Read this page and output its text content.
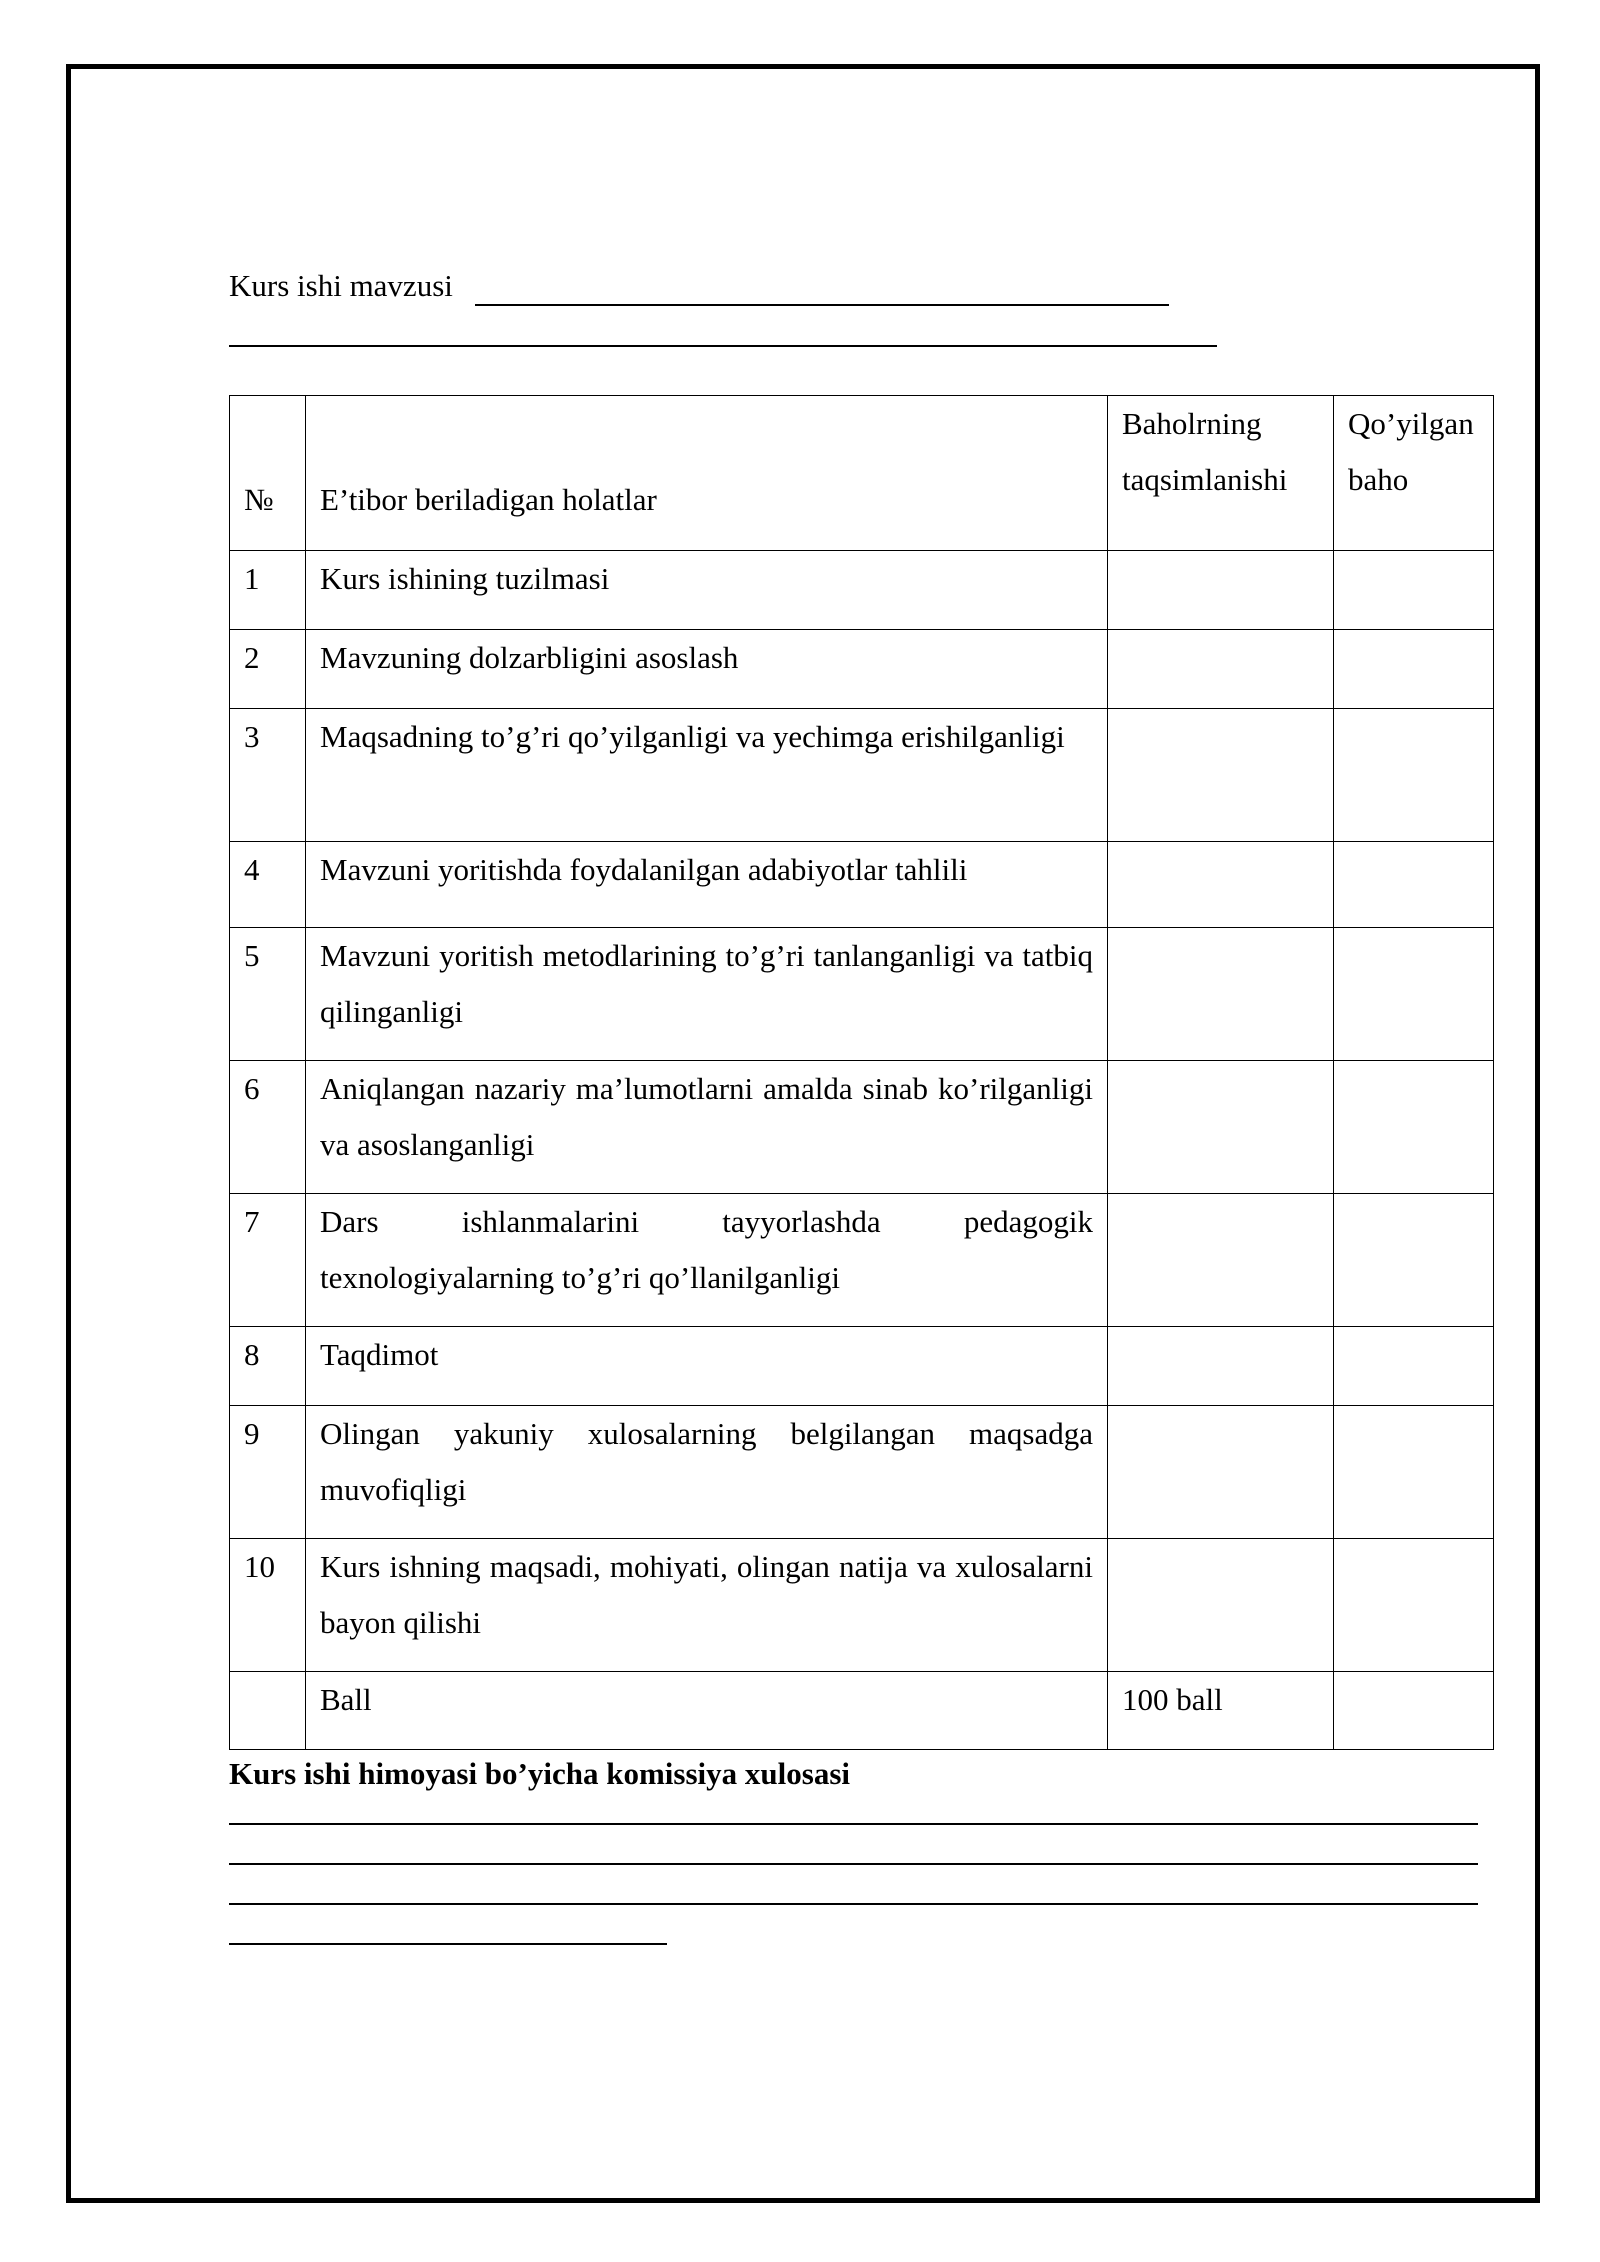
Kurs ishi mavzusi
№	E’tibor beriladigan holatlar	Baholrning taqsimlanishi	Qo’yilgan baho
1	Kurs ishining tuzilmasi		
2	Mavzuning dolzarbligini asoslash		
3	Maqsadning to’g’ri qo’yilganligi va yechimga erishilganligi		
4	Mavzuni yoritishda foydalanilgan adabiyotlar tahlili		
5	Mavzuni yoritish metodlarining to’g’ri tanlanganligi va tatbiq qilinganligi		
6	Aniqlangan nazariy ma’lumotlarni amalda sinab ko’rilganligi va asoslanganligi		
7	Dars ishlanmalarini tayyorlashda pedagogik texnologiyalarning to’g’ri qo’llanilganligi		
8	Taqdimot		
9	Olingan yakuniy xulosalarning belgilangan maqsadga muvofiqligi		
10	Kurs ishning maqsadi, mohiyati, olingan natija va xulosalarni bayon qilishi		
	Ball	100 ball	
Kurs ishi himoyasi bo’yicha komissiya xulosasi
